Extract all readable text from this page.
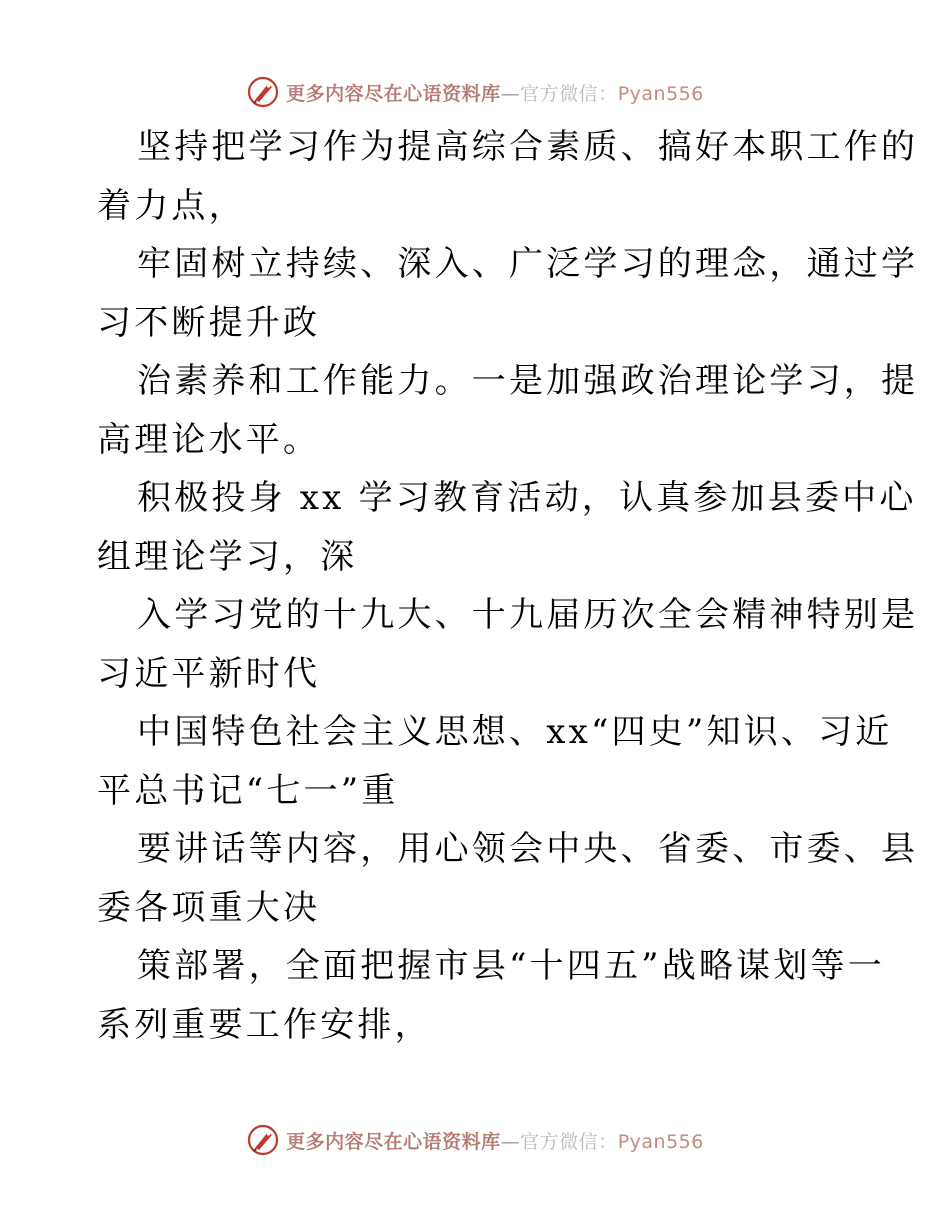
更多内容尽在心语资料库—官方微信：Pyan556
坚持把学习作为提高综合素质、搞好本职工作的
着力点，
牢固树立持续、深入、广泛学习的理念，通过学
习不断提升政
治素养和工作能力。一是加强政治理论学习，提
高理论水平。
积极投身 xx 学习教育活动，认真参加县委中心
组理论学习，深
入学习党的十九大、十九届历次全会精神特别是
习近平新时代
中国特色社会主义思想、xx“四史”知识、习近
平总书记“七一”重
要讲话等内容，用心领会中央、省委、市委、县
委各项重大决
策部署，全面把握市县“十四五”战略谋划等一
系列重要工作安排，
更多内容尽在心语资料库—官方微信：Pyan556
